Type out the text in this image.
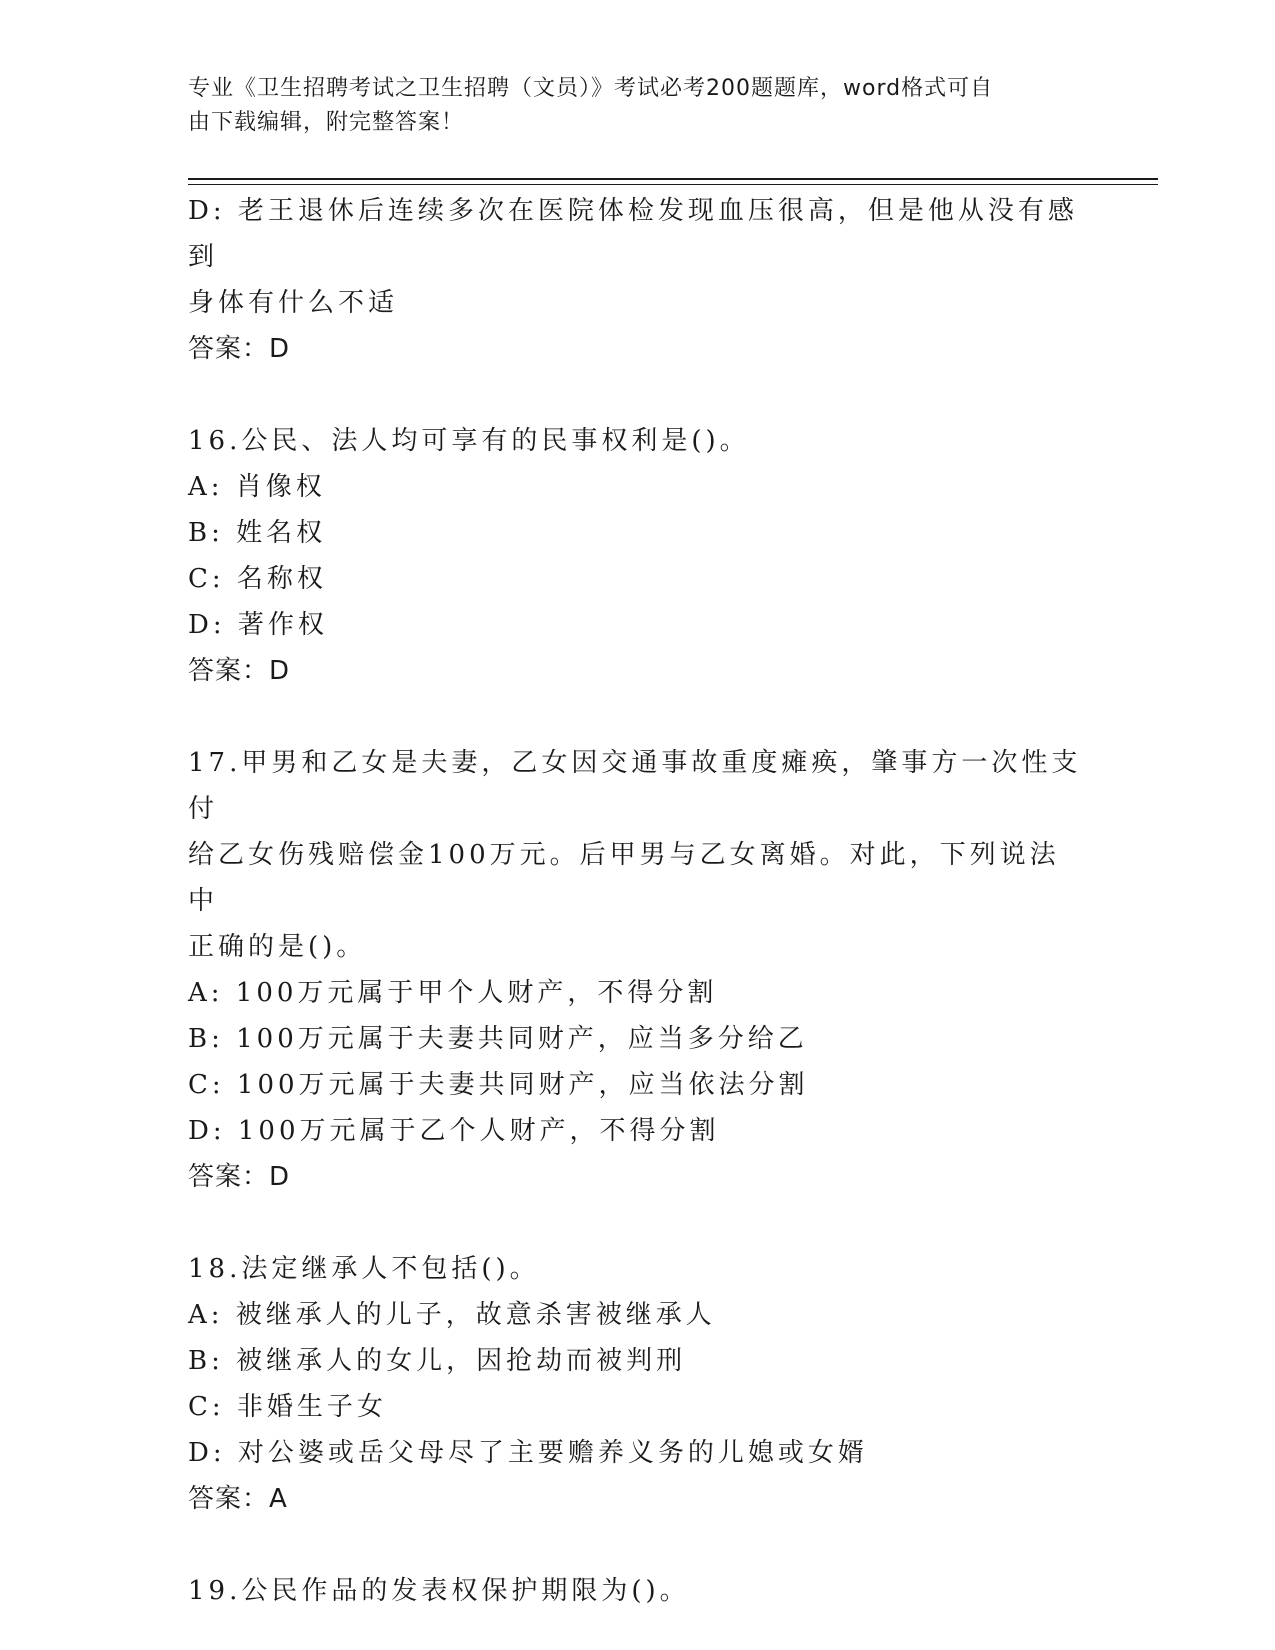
专业《卫生招聘考试之卫生招聘（文员）》考试必考200题题库，word格式可自
由下载编辑，附完整答案！

D: 老王退休后连续多次在医院体检发现血压很高，但是他从没有感到

身体有什么不适

答案：D

16.公民、法人均可享有的民事权利是()。

A: 肖像权

B: 姓名权

C: 名称权

D: 著作权

答案：D

17.甲男和乙女是夫妻，乙女因交通事故重度瘫痪，肇事方一次性支付

给乙女伤残赔偿金100万元。后甲男与乙女离婚。对此，下列说法中

正确的是()。

A: 100万元属于甲个人财产，不得分割

B: 100万元属于夫妻共同财产，应当多分给乙

C: 100万元属于夫妻共同财产，应当依法分割

D: 100万元属于乙个人财产，不得分割

答案：D

18.法定继承人不包括()。

A: 被继承人的儿子，故意杀害被继承人

B: 被继承人的女儿，因抢劫而被判刑

C: 非婚生子女

D: 对公婆或岳父母尽了主要赡养义务的儿媳或女婿

答案：A

19.公民作品的发表权保护期限为()。
